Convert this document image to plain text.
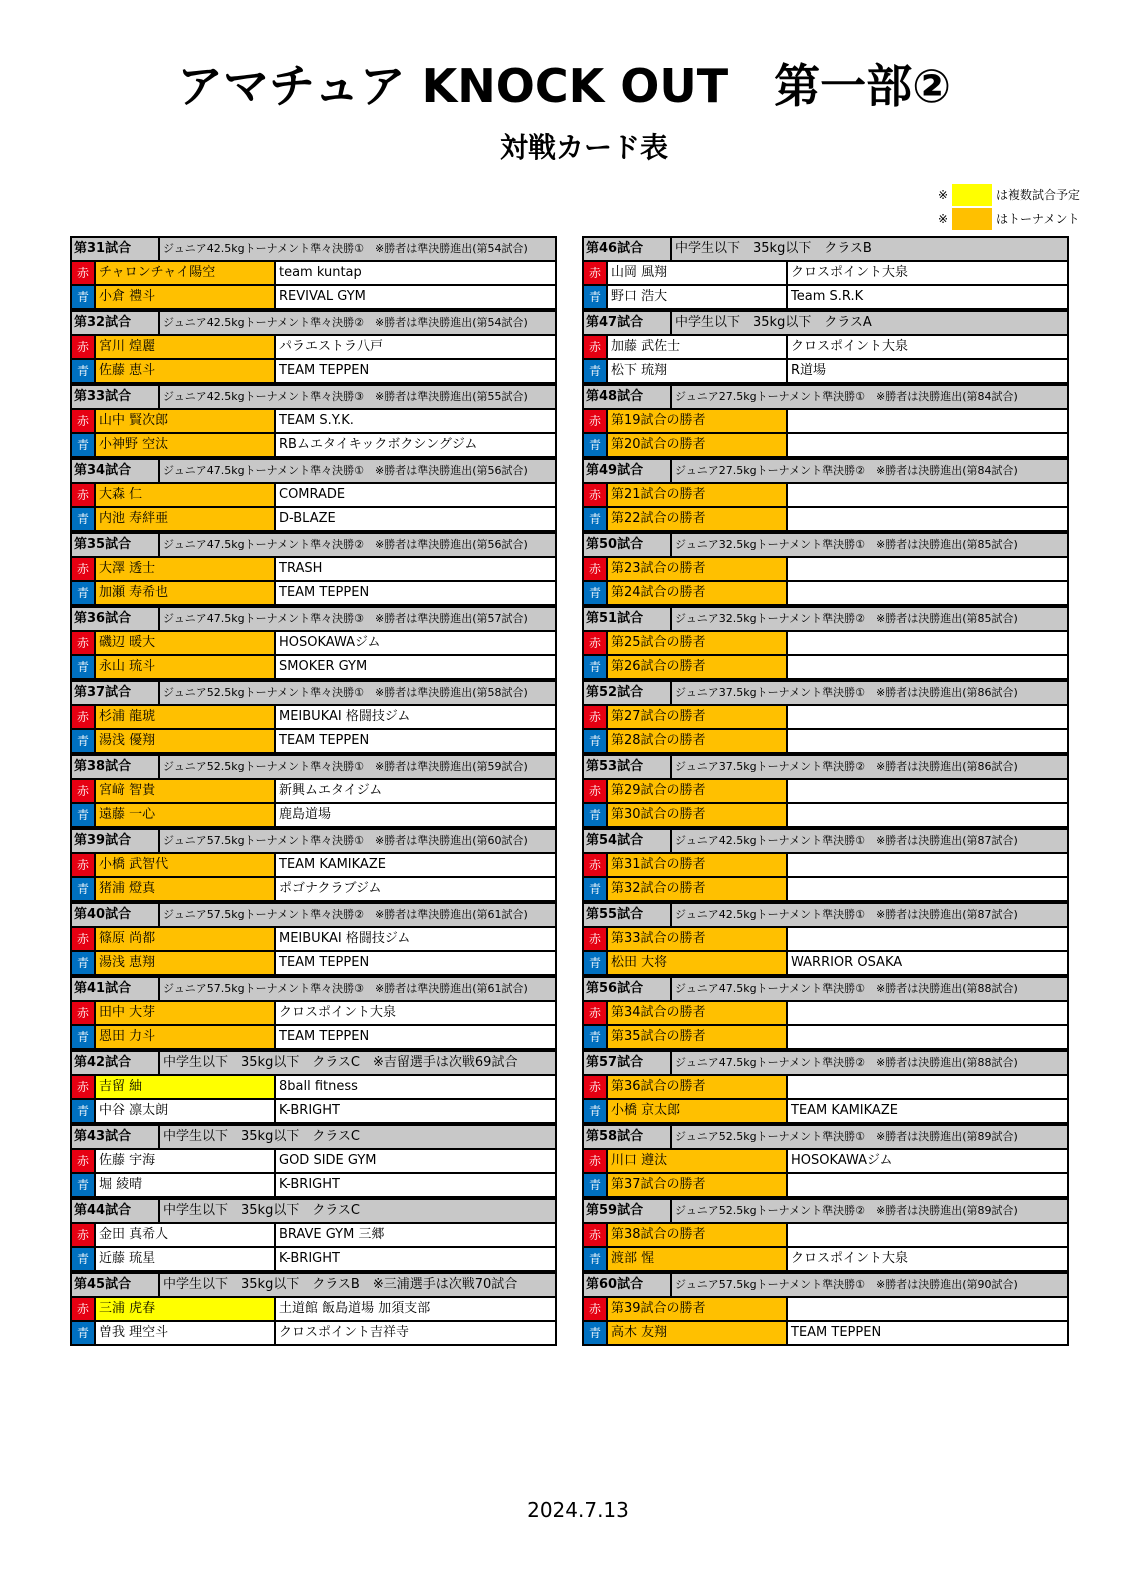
アマチュア KNOCK OUT　第一部②
対戦カード表
※	は複数試合予定
※	はトーナメント
第31試合	ジュニア42.5kgトーナメント準々決勝①　※勝者は準決勝進出(第54試合)
赤 チャロンチャイ陽空	team kuntap
青 小倉 禮斗	REVIVAL GYM
第32試合	ジュニア42.5kgトーナメント準々決勝②　※勝者は準決勝進出(第54試合)
赤 宮川 煌麗	パラエストラ八戸
青 佐藤 恵斗	TEAM TEPPEN
第33試合	ジュニア42.5kgトーナメント準々決勝③　※勝者は準決勝進出(第55試合)
赤 山中 賢次郎	TEAM S.Y.K.
青 小神野 空汰	RBムエタイキックボクシングジム
第34試合	ジュニア47.5kgトーナメント準々決勝①　※勝者は準決勝進出(第56試合)
赤 大森 仁	COMRADE
青 内池 寿絆亜	D-BLAZE
第35試合	ジュニア47.5kgトーナメント準々決勝②　※勝者は準決勝進出(第56試合)
赤 大澤 透士	TRASH
青 加瀬 寿希也	TEAM TEPPEN
第36試合	ジュニア47.5kgトーナメント準々決勝③　※勝者は準決勝進出(第57試合)
赤 磯辺 暖大	HOSOKAWAジム
青 永山 琉斗	SMOKER GYM
第37試合	ジュニア52.5kgトーナメント準々決勝①　※勝者は準決勝進出(第58試合)
赤 杉浦 龍琥	MEIBUKAI 格闘技ジム
青 湯浅 優翔	TEAM TEPPEN
第38試合	ジュニア52.5kgトーナメント準々決勝①　※勝者は準決勝進出(第59試合)
赤 宮﨑 智貴	新興ムエタイジム
青 遠藤 一心	鹿島道場
第39試合	ジュニア57.5kgトーナメント準々決勝①　※勝者は準決勝進出(第60試合)
赤 小橋 武智代	TEAM KAMIKAZE
青 猪浦 燈真	ポゴナクラブジム
第40試合	ジュニア57.5kgトーナメント準々決勝②　※勝者は準決勝進出(第61試合)
赤 篠原 尚都	MEIBUKAI 格闘技ジム
青 湯浅 恵翔	TEAM TEPPEN
第41試合	ジュニア57.5kgトーナメント準々決勝③　※勝者は準決勝進出(第61試合)
赤 田中 大芽	クロスポイント大泉
青 恩田 力斗	TEAM TEPPEN
第42試合	中学生以下　35kg以下　クラスC　※吉留選手は次戦69試合
赤 吉留 紬	8ball fitness
青 中谷 凛太朗	K-BRIGHT
第43試合	中学生以下　35kg以下　クラスC
赤 佐藤 宇海	GOD SIDE GYM
青 堀 綾晴	K-BRIGHT
第44試合	中学生以下　35kg以下　クラスC
赤 金田 真希人	BRAVE GYM 三郷
青 近藤 琉星	K-BRIGHT
第45試合	中学生以下　35kg以下　クラスB　※三浦選手は次戦70試合
赤 三浦 虎春	土道館 飯島道場 加須支部
青 曽我 理空斗	クロスポイント吉祥寺
第46試合	中学生以下　35kg以下　クラスB
赤 山岡 風翔	クロスポイント大泉
青 野口 浩大	Team S.R.K
第47試合	中学生以下　35kg以下　クラスA
赤 加藤 武佐士	クロスポイント大泉
青 松下 琉翔	R道場
第48試合	ジュニア27.5kgトーナメント準決勝①　※勝者は決勝進出(第84試合)
赤 第19試合の勝者
青 第20試合の勝者
第49試合	ジュニア27.5kgトーナメント準決勝②　※勝者は決勝進出(第84試合)
赤 第21試合の勝者
青 第22試合の勝者
第50試合	ジュニア32.5kgトーナメント準決勝①　※勝者は決勝進出(第85試合)
赤 第23試合の勝者
青 第24試合の勝者
第51試合	ジュニア32.5kgトーナメント準決勝②　※勝者は決勝進出(第85試合)
赤 第25試合の勝者
青 第26試合の勝者
第52試合	ジュニア37.5kgトーナメント準決勝①　※勝者は決勝進出(第86試合)
赤 第27試合の勝者
青 第28試合の勝者
第53試合	ジュニア37.5kgトーナメント準決勝②　※勝者は決勝進出(第86試合)
赤 第29試合の勝者
青 第30試合の勝者
第54試合	ジュニア42.5kgトーナメント準決勝①　※勝者は決勝進出(第87試合)
赤 第31試合の勝者
青 第32試合の勝者
第55試合	ジュニア42.5kgトーナメント準決勝①　※勝者は決勝進出(第87試合)
赤 第33試合の勝者
青 松田 大将	WARRIOR OSAKA
第56試合	ジュニア47.5kgトーナメント準決勝①　※勝者は決勝進出(第88試合)
赤 第34試合の勝者
青 第35試合の勝者
第57試合	ジュニア47.5kgトーナメント準決勝②　※勝者は決勝進出(第88試合)
赤 第36試合の勝者
青 小橋 京太郎	TEAM KAMIKAZE
第58試合	ジュニア52.5kgトーナメント準決勝①　※勝者は決勝進出(第89試合)
赤 川口 遵汰	HOSOKAWAジム
青 第37試合の勝者
第59試合	ジュニア52.5kgトーナメント準決勝②　※勝者は決勝進出(第89試合)
赤 第38試合の勝者
青 渡部 惺	クロスポイント大泉
第60試合	ジュニア57.5kgトーナメント準決勝①　※勝者は決勝進出(第90試合)
赤 第39試合の勝者
青 高木 友翔	TEAM TEPPEN
2024.7.13
